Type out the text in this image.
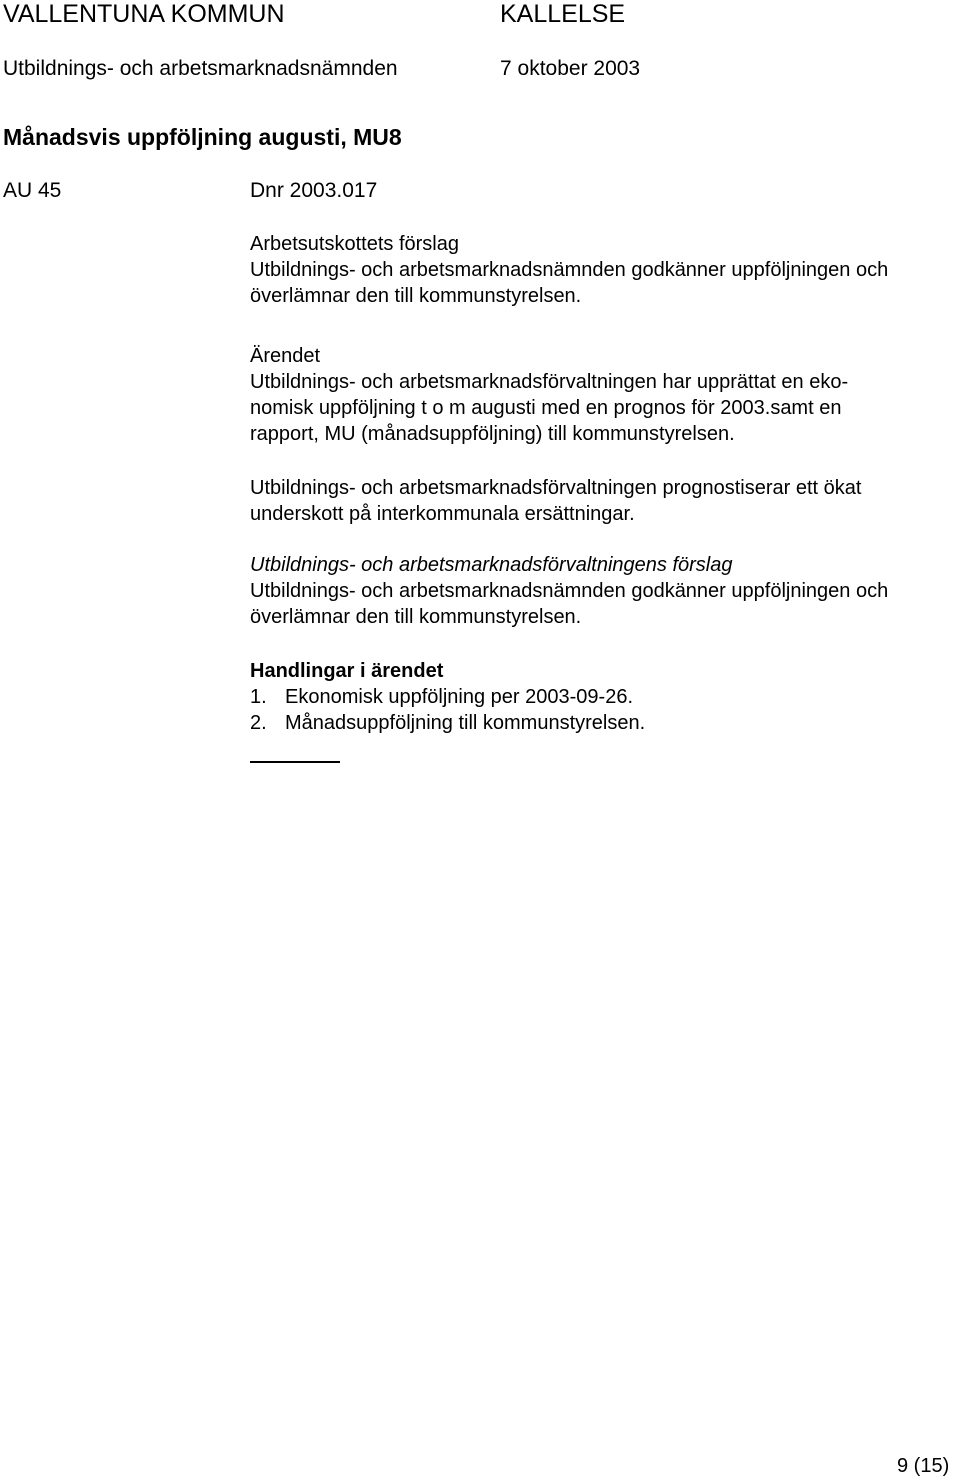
VALLENTUNA KOMMUN	KALLELSE
Utbildnings- och arbetsmarknadsnämnden	7 oktober 2003
Månadsvis uppföljning augusti, MU8
AU 45	Dnr 2003.017
Arbetsutskottets förslag

Utbildnings- och arbetsmarknadsnämnden godkänner uppföljningen och överlämnar den till kommunstyrelsen.

Ärendet

Utbildnings- och arbetsmarknadsförvaltningen har upprättat en eko-

nomisk uppföljning t o m augusti med en prognos för 2003.samt en

rapport, MU (månadsuppföljning) till kommunstyrelsen.

Utbildnings- och arbetsmarknadsförvaltningen prognostiserar ett ökat

underskott på interkommunala ersättningar.

Utbildnings- och arbetsmarknadsförvaltningens förslag

Utbildnings- och arbetsmarknadsnämnden godkänner uppföljningen och överlämnar den till kommunstyrelsen.

Handlingar i ärendet
1. Ekonomisk uppföljning per 2003-09-26.
2. Månadsuppföljning till kommunstyrelsen.
9 (15)
